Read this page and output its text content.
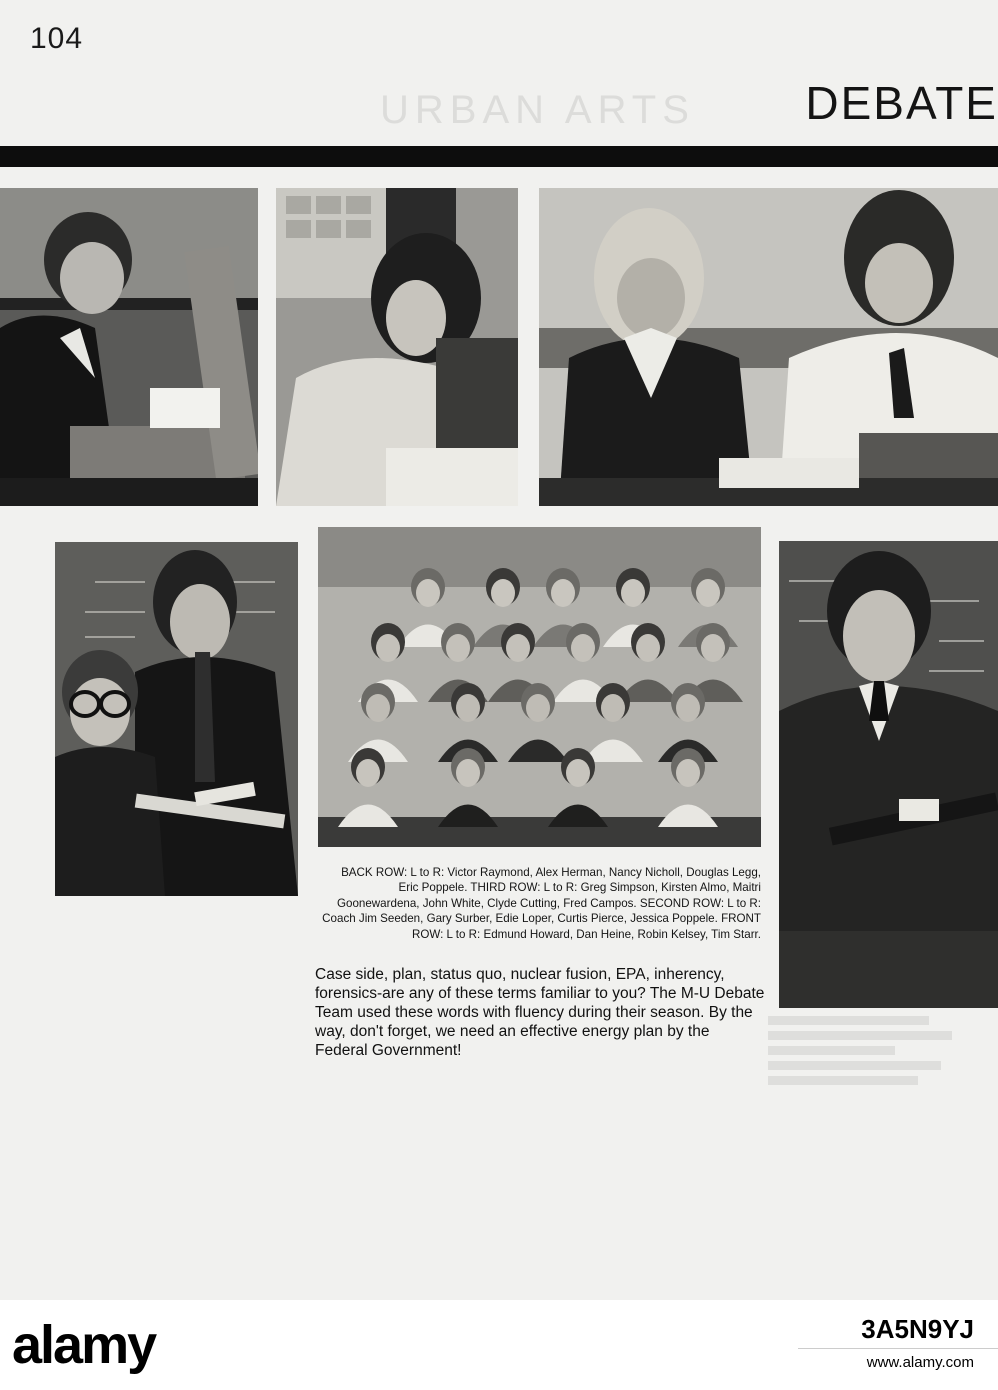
104
URBAN ARTS DEBATE
BACK ROW: L to R: Victor Raymond, Alex Herman, Nancy Nicholl, Douglas Legg, Eric Poppele. THIRD ROW: L to R: Greg Simpson, Kirsten Almo, Maitri Goonewardena, John White, Clyde Cutting, Fred Campos. SECOND ROW: L to R: Coach Jim Seeden, Gary Surber, Edie Loper, Curtis Pierce, Jessica Poppele. FRONT ROW: L to R: Edmund Howard, Dan Heine, Robin Kelsey, Tim Starr.
Case side, plan, status quo, nuclear fusion, EPA, inherency, forensics-are any of these terms familiar to you? The M-U Debate Team used these words with fluency during their season. By the way, don't forget, we need an effective energy plan by the Federal Government!
alamy	3A5N9YJ
www.alamy.com
